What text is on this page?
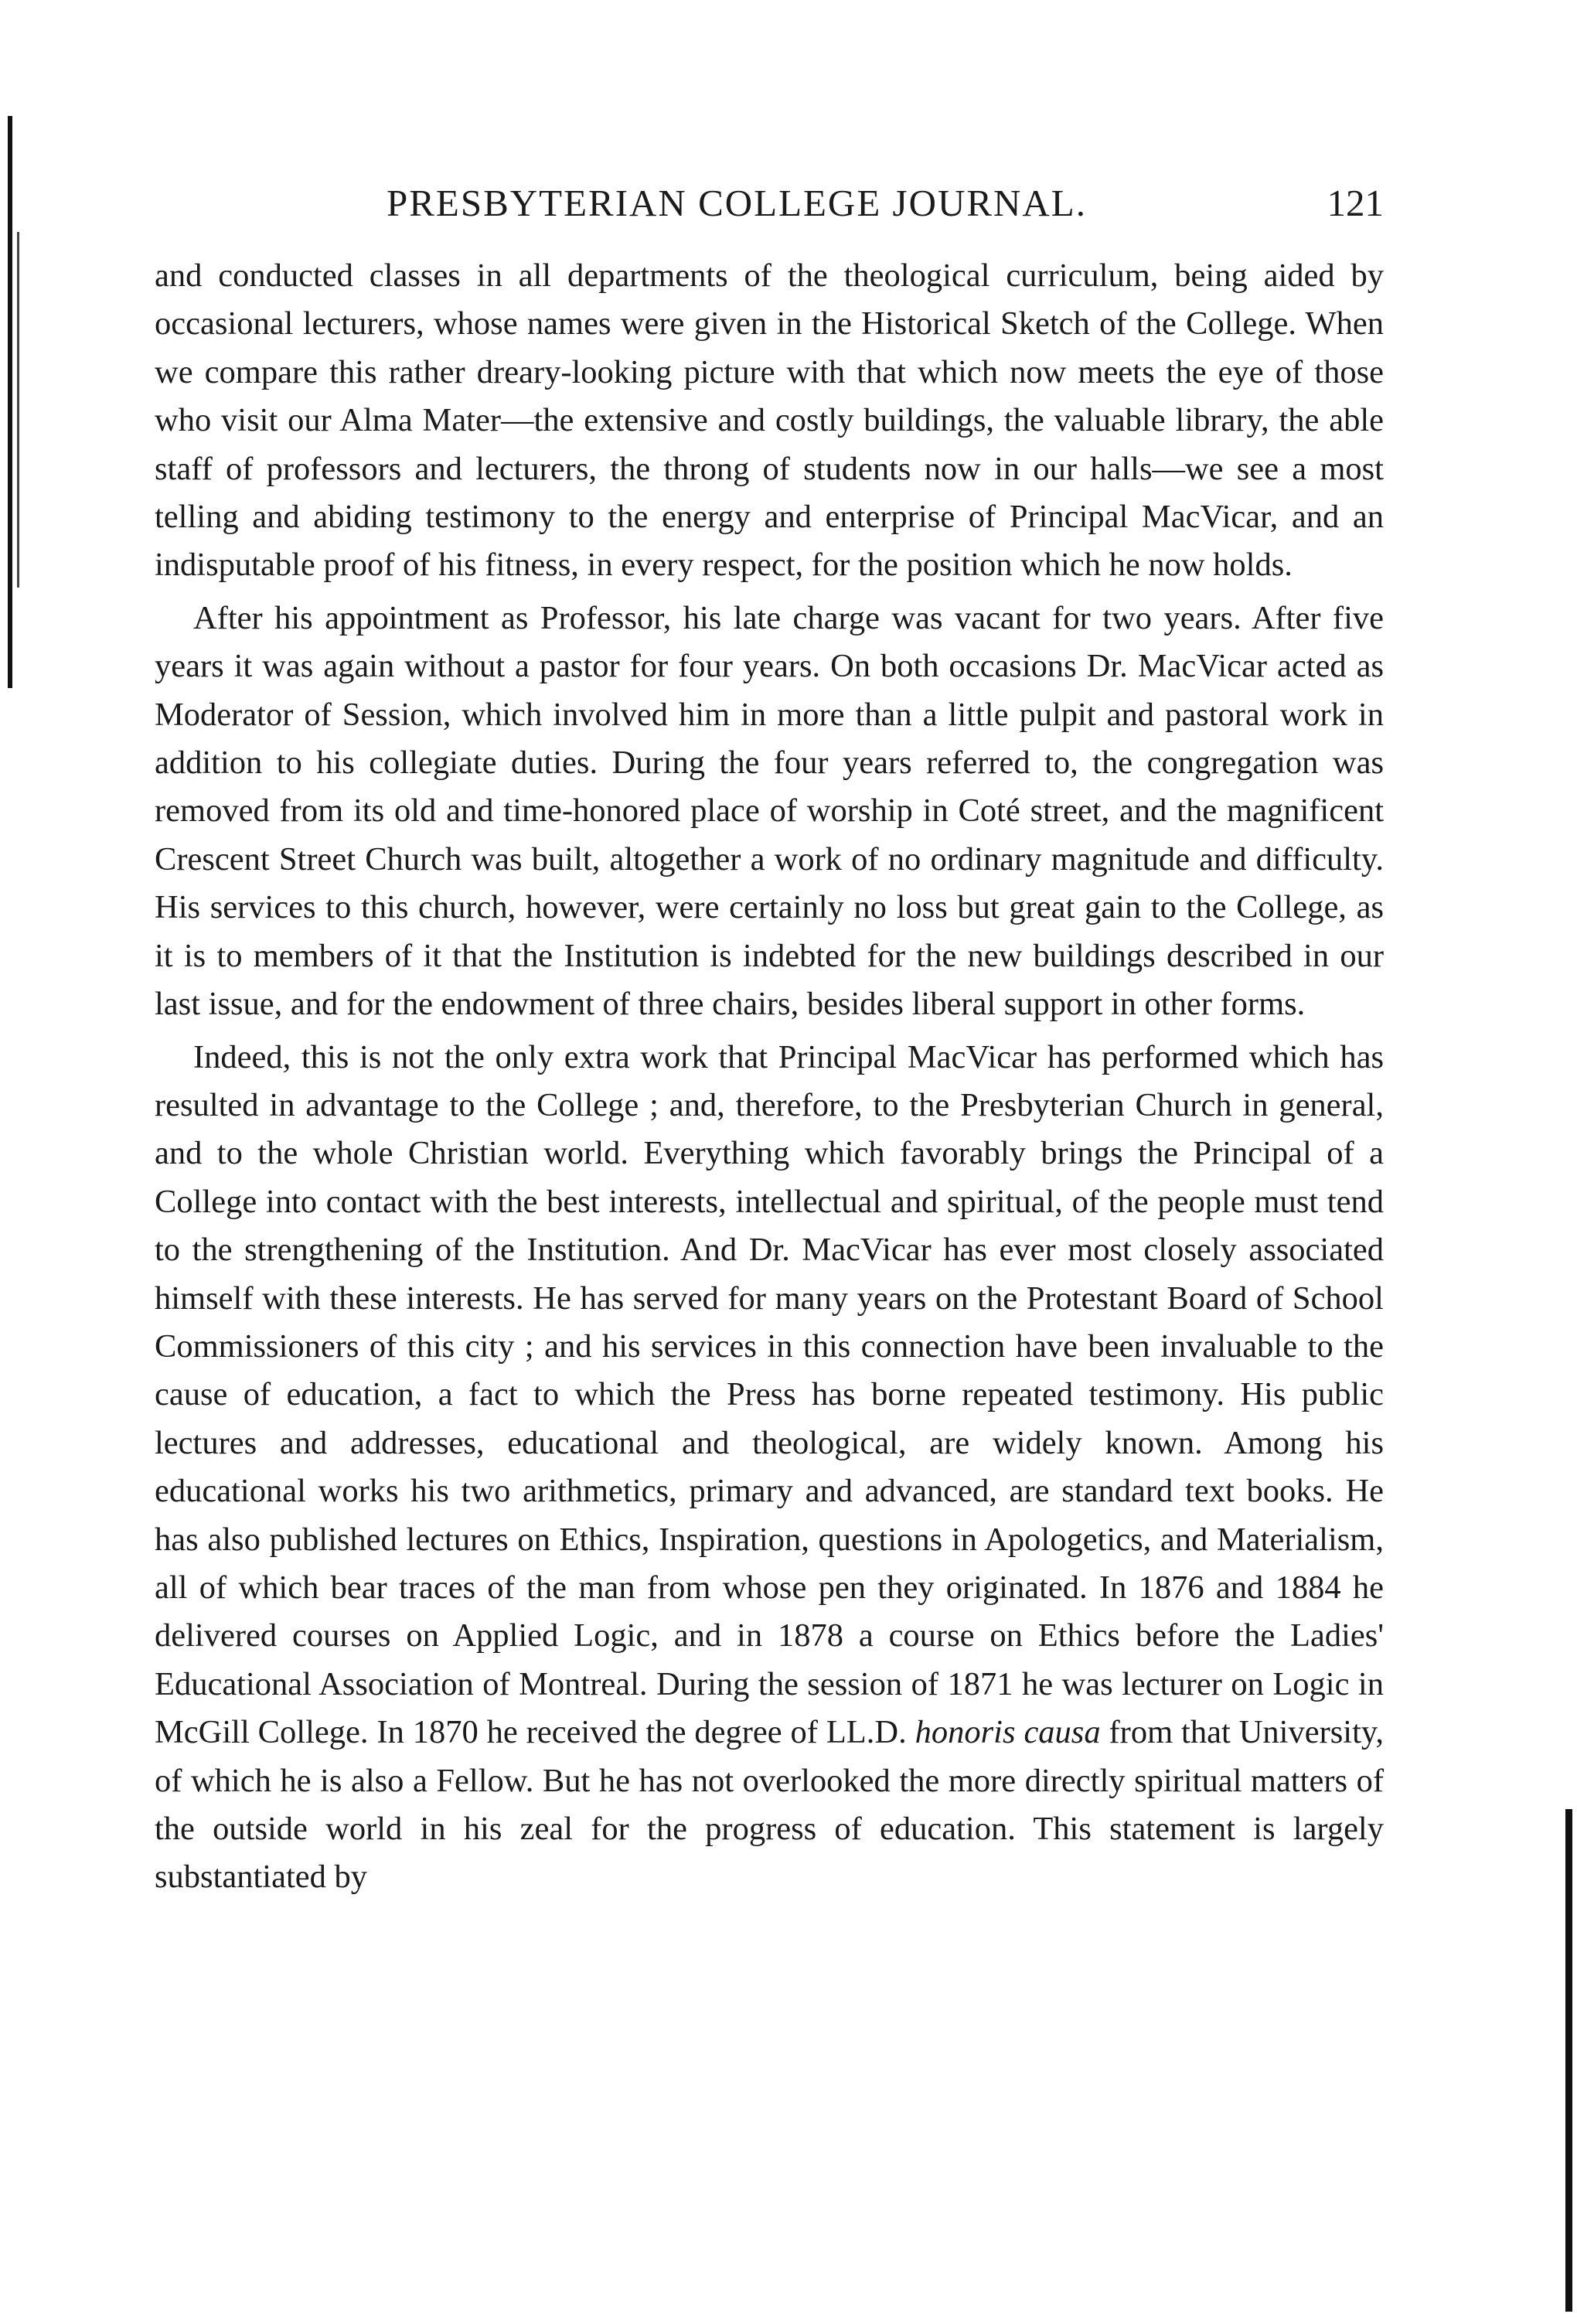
PRESBYTERIAN COLLEGE JOURNAL.	121

and conducted classes in all departments of the theological curriculum, being aided by occasional lecturers, whose names were given in the Historical Sketch of the College. When we compare this rather dreary-looking picture with that which now meets the eye of those who visit our Alma Mater—the extensive and costly buildings, the valuable library, the able staff of professors and lecturers, the throng of students now in our halls—we see a most telling and abiding testimony to the energy and enterprise of Principal MacVicar, and an indisputable proof of his fitness, in every respect, for the position which he now holds.

After his appointment as Professor, his late charge was vacant for two years. After five years it was again without a pastor for four years. On both occasions Dr. MacVicar acted as Moderator of Session, which involved him in more than a little pulpit and pastoral work in addition to his collegiate duties. During the four years referred to, the congregation was removed from its old and time-honored place of worship in Coté street, and the magnificent Crescent Street Church was built, altogether a work of no ordinary magnitude and difficulty. His services to this church, however, were certainly no loss but great gain to the College, as it is to members of it that the Institution is indebted for the new buildings described in our last issue, and for the endowment of three chairs, besides liberal support in other forms.

Indeed, this is not the only extra work that Principal MacVicar has performed which has resulted in advantage to the College ; and, therefore, to the Presbyterian Church in general, and to the whole Christian world. Everything which favorably brings the Principal of a College into contact with the best interests, intellectual and spiritual, of the people must tend to the strengthening of the Institution. And Dr. MacVicar has ever most closely associated himself with these interests. He has served for many years on the Protestant Board of School Commissioners of this city ; and his services in this connection have been invaluable to the cause of education, a fact to which the Press has borne repeated testimony. His public lectures and addresses, educational and theological, are widely known. Among his educational works his two arithmetics, primary and advanced, are standard text books. He has also published lectures on Ethics, Inspiration, questions in Apologetics, and Materialism, all of which bear traces of the man from whose pen they originated. In 1876 and 1884 he delivered courses on Applied Logic, and in 1878 a course on Ethics before the Ladies' Educational Association of Montreal. During the session of 1871 he was lecturer on Logic in McGill College. In 1870 he received the degree of LL.D. honoris causa from that University, of which he is also a Fellow. But he has not overlooked the more directly spiritual matters of the outside world in his zeal for the progress of education. This statement is largely substantiated by
